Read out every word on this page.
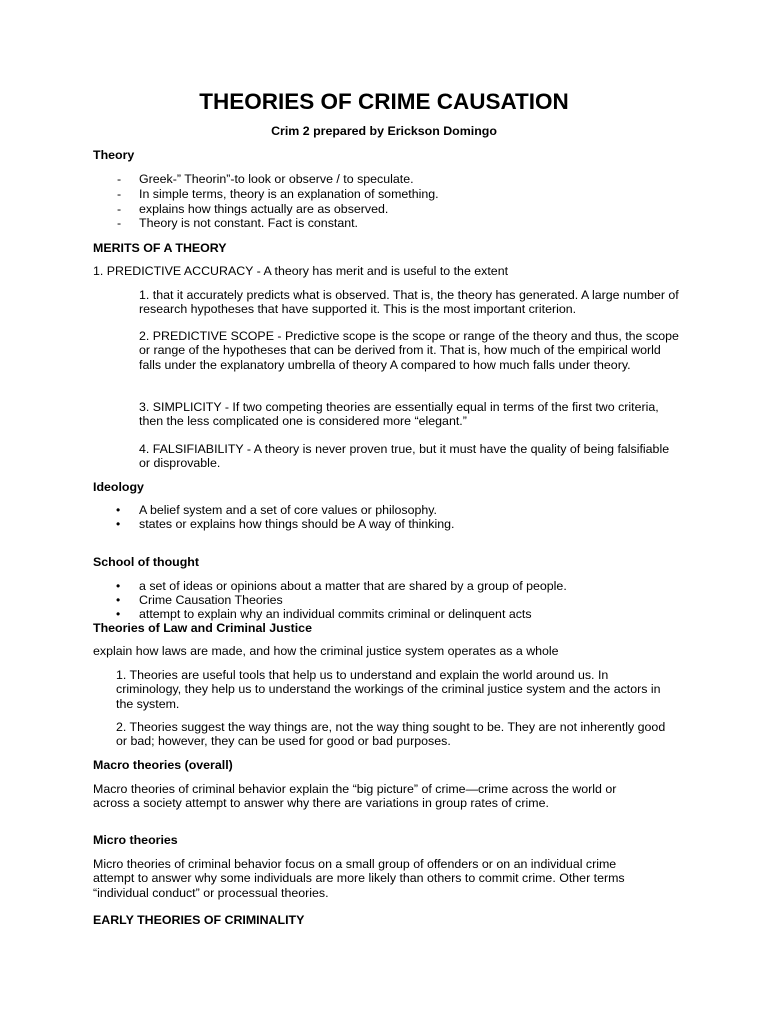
THEORIES OF CRIME CAUSATION
Crim 2 prepared by Erickson Domingo
Theory
- Greek-” Theorin”-to look or observe / to speculate.
- In simple terms, theory is an explanation of something.
- explains how things actually are as observed.
- Theory is not constant. Fact is constant.
MERITS OF A THEORY
1. PREDICTIVE ACCURACY - A theory has merit and is useful to the extent
1. that it accurately predicts what is observed. That is, the theory has generated. A large number of research hypotheses that have supported it. This is the most important criterion.
2. PREDICTIVE SCOPE - Predictive scope is the scope or range of the theory and thus, the scope or range of the hypotheses that can be derived from it. That is, how much of the empirical world falls under the explanatory umbrella of theory A compared to how much falls under theory.
3. SIMPLICITY - If two competing theories are essentially equal in terms of the first two criteria, then the less complicated one is considered more “elegant.”
4. FALSIFIABILITY - A theory is never proven true, but it must have the quality of being falsifiable or disprovable.
Ideology
• A belief system and a set of core values or philosophy.
• states or explains how things should be A way of thinking.
School of thought
• a set of ideas or opinions about a matter that are shared by a group of people.
• Crime Causation Theories
• attempt to explain why an individual commits criminal or delinquent acts
Theories of Law and Criminal Justice
explain how laws are made, and how the criminal justice system operates as a whole
1. Theories are useful tools that help us to understand and explain the world around us. In criminology, they help us to understand the workings of the criminal justice system and the actors in the system.
2. Theories suggest the way things are, not the way thing sought to be. They are not inherently good or bad; however, they can be used for good or bad purposes.
Macro theories (overall)
Macro theories of criminal behavior explain the “big picture” of crime—crime across the world or across a society attempt to answer why there are variations in group rates of crime.
Micro theories
Micro theories of criminal behavior focus on a small group of offenders or on an individual crime attempt to answer why some individuals are more likely than others to commit crime. Other terms “individual conduct” or processual theories.
EARLY THEORIES OF CRIMINALITY
